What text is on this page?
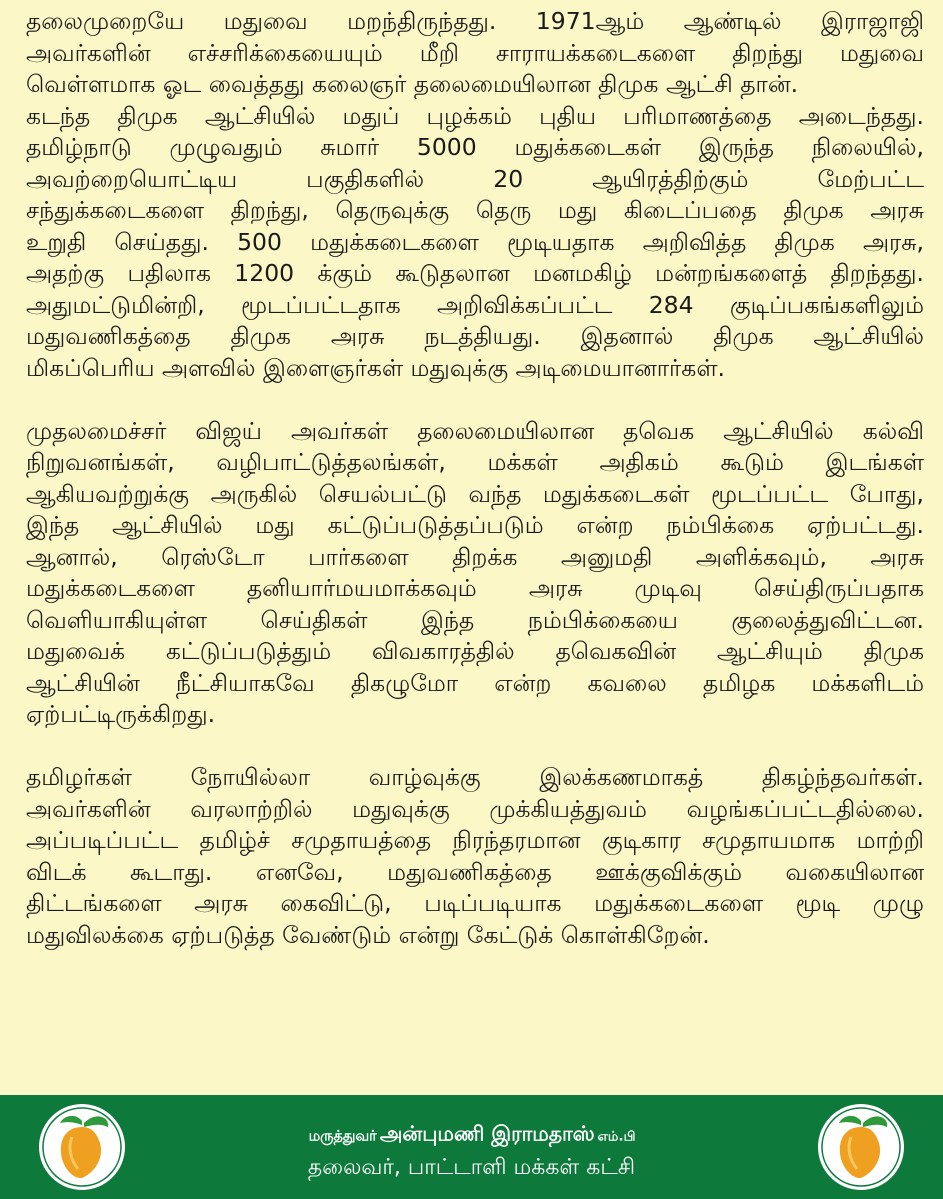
தலைமுறையே மதுவை மறந்திருந்தது. 1971ஆம் ஆண்டில் இராஜாஜி
அவர்களின் எச்சரிக்கையையும் மீறி சாராயக்கடைகளை திறந்து மதுவை
வெள்ளமாக ஓட வைத்தது கலைஞர் தலைமையிலான திமுக ஆட்சி தான்.
கடந்த திமுக ஆட்சியில் மதுப் புழக்கம் புதிய பரிமாணத்தை அடைந்தது.
தமிழ்நாடு முழுவதும் சுமார் 5000 மதுக்கடைகள் இருந்த நிலையில்,
அவற்றையொட்டிய பகுதிகளில் 20 ஆயிரத்திற்கும் மேற்பட்ட
சந்துக்கடைகளை திறந்து, தெருவுக்கு தெரு மது கிடைப்பதை திமுக அரசு
உறுதி செய்தது. 500 மதுக்கடைகளை மூடியதாக அறிவித்த திமுக அரசு,
அதற்கு பதிலாக 1200 க்கும் கூடுதலான மனமகிழ் மன்றங்களைத் திறந்தது.
அதுமட்டுமின்றி, மூடப்பட்டதாக அறிவிக்கப்பட்ட 284 குடிப்பகங்களிலும்
மதுவணிகத்தை திமுக அரசு நடத்தியது. இதனால் திமுக ஆட்சியில்
மிகப்பெரிய அளவில் இளைஞர்கள் மதுவுக்கு அடிமையானார்கள்.
முதலமைச்சர் விஜய் அவர்கள் தலைமையிலான தவெக ஆட்சியில் கல்வி
நிறுவனங்கள், வழிபாட்டுத்தலங்கள், மக்கள் அதிகம் கூடும் இடங்கள்
ஆகியவற்றுக்கு அருகில் செயல்பட்டு வந்த மதுக்கடைகள் மூடப்பட்ட போது,
இந்த ஆட்சியில் மது கட்டுப்படுத்தப்படும் என்ற நம்பிக்கை ஏற்பட்டது.
ஆனால், ரெஸ்டோ பார்களை திறக்க அனுமதி அளிக்கவும், அரசு
மதுக்கடைகளை தனியார்மயமாக்கவும் அரசு முடிவு செய்திருப்பதாக
வெளியாகியுள்ள செய்திகள் இந்த நம்பிக்கையை குலைத்துவிட்டன.
மதுவைக் கட்டுப்படுத்தும் விவகாரத்தில் தவெகவின் ஆட்சியும் திமுக
ஆட்சியின் நீட்சியாகவே திகழுமோ என்ற கவலை தமிழக மக்களிடம்
ஏற்பட்டிருக்கிறது.
தமிழர்கள் நோயில்லா வாழ்வுக்கு இலக்கணமாகத் திகழ்ந்தவர்கள்.
அவர்களின் வரலாற்றில் மதுவுக்கு முக்கியத்துவம் வழங்கப்பட்டதில்லை.
அப்படிப்பட்ட தமிழ்ச் சமுதாயத்தை நிரந்தரமான குடிகார சமுதாயமாக மாற்றி
விடக் கூடாது. எனவே, மதுவணிகத்தை ஊக்குவிக்கும் வகையிலான
திட்டங்களை அரசு கைவிட்டு, படிப்படியாக மதுக்கடைகளை மூடி முழு
மதுவிலக்கை ஏற்படுத்த வேண்டும் என்று கேட்டுக் கொள்கிறேன்.
மருத்துவர் அன்புமணி இராமதாஸ் எம்.பி
தலைவர், பாட்டாளி மக்கள் கட்சி
